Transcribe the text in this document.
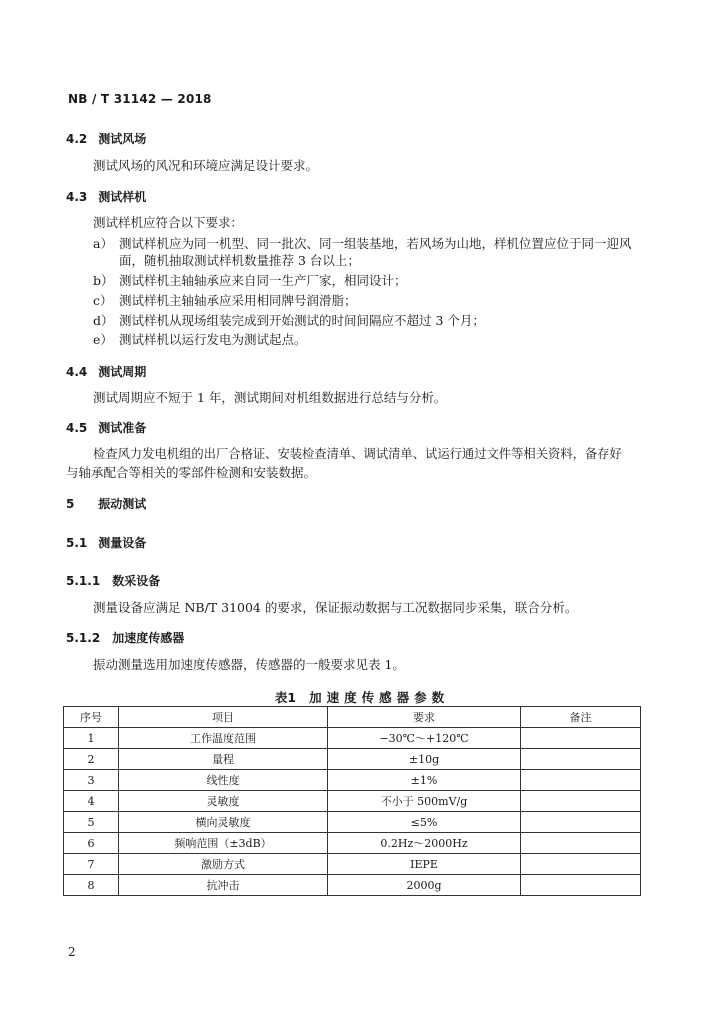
NB / T 31142 — 2018
4.2 测试风场
测试风场的风况和环境应满足设计要求。
4.3 测试样机
测试样机应符合以下要求：
a） 测试样机应为同一机型、同一批次、同一组装基地，若风场为山地，样机位置应位于同一迎风
面，随机抽取测试样机数量推荐 3 台以上；
b） 测试样机主轴轴承应来自同一生产厂家，相同设计；
c） 测试样机主轴轴承应采用相同牌号润滑脂；
d） 测试样机从现场组装完成到开始测试的时间间隔应不超过 3 个月；
e） 测试样机以运行发电为测试起点。
4.4 测试周期
测试周期应不短于 1 年，测试期间对机组数据进行总结与分析。
4.5 测试准备
检查风力发电机组的出厂合格证、安装检查清单、调试清单、试运行通过文件等相关资料，备存好
与轴承配合等相关的零部件检测和安装数据。
5 振动测试
5.1 测量设备
5.1.1 数采设备
测量设备应满足 NB/T 31004 的要求，保证振动数据与工况数据同步采集，联合分析。
5.1.2 加速度传感器
振动测量选用加速度传感器，传感器的一般要求见表 1。
表1 加速度传感器参数
序号	项目	要求	备注
1	工作温度范围	−30℃～+120℃	
2	量程	±10g	
3	线性度	±1%	
4	灵敏度	不小于 500mV/g	
5	横向灵敏度	≤5%	
6	频响范围（±3dB）	0.2Hz～2000Hz	
7	激励方式	IEPE	
8	抗冲击	2000g	
2
